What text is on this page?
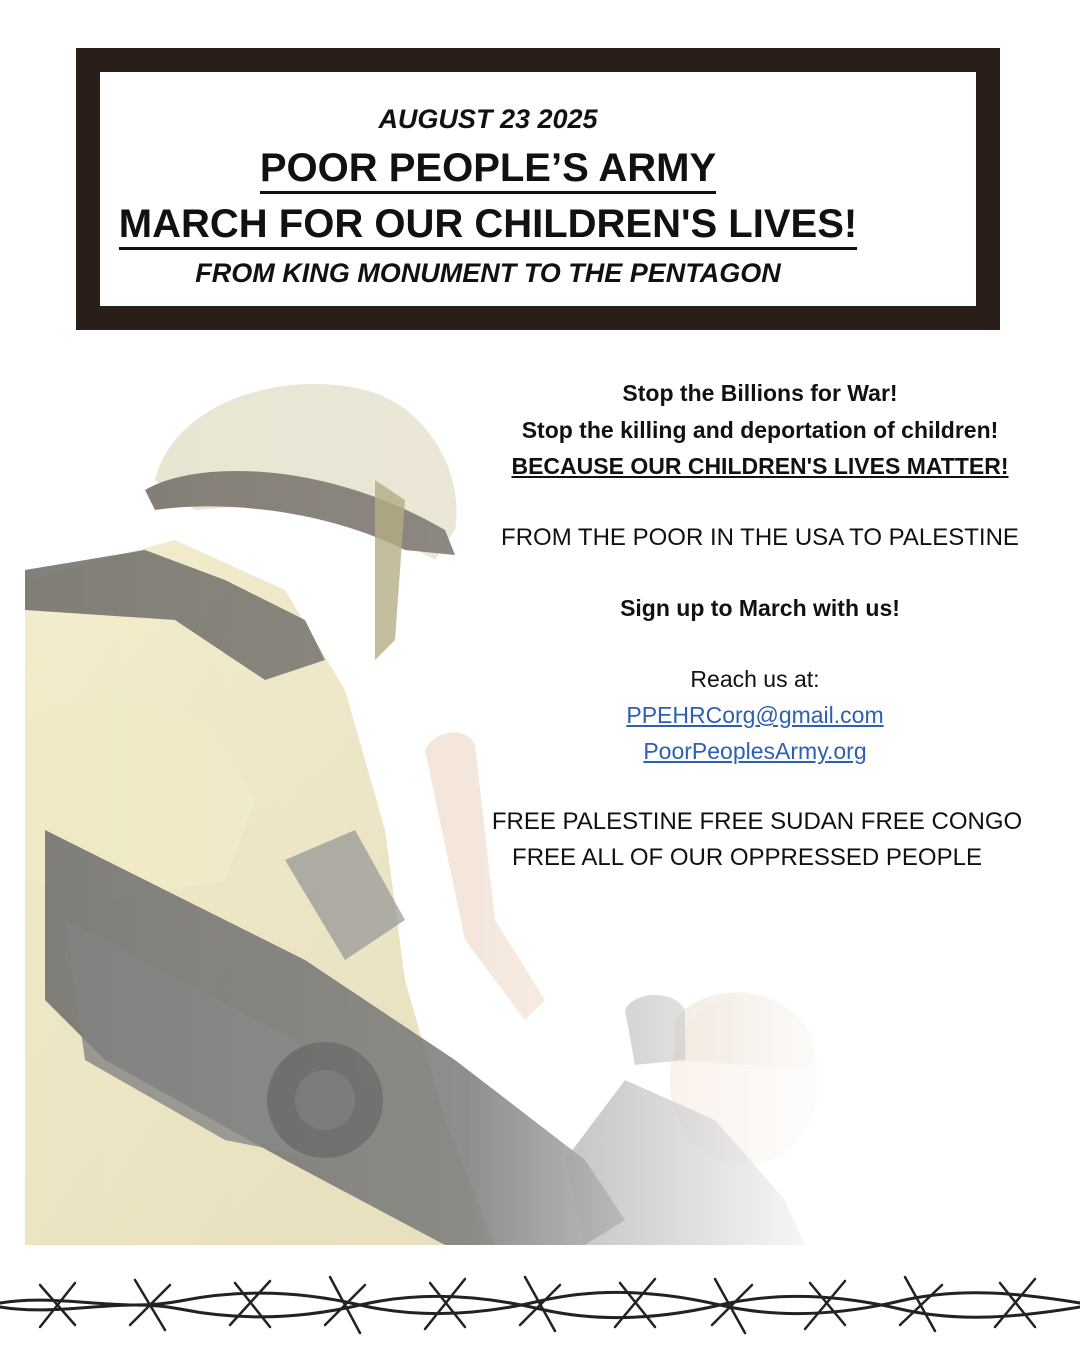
AUGUST 23 2025
POOR PEOPLE’S ARMY
MARCH FOR OUR CHILDREN'S LIVES!
FROM KING MONUMENT TO THE PENTAGON
Stop the Billions for War!
Stop the killing and deportation of children!
BECAUSE OUR CHILDREN'S LIVES MATTER!
FROM THE POOR IN THE USA TO PALESTINE
Sign up to March with us!
Reach us at:
PPEHRCorg@gmail.com
PoorPeoplesArmy.org
FREE PALESTINE FREE SUDAN FREE CONGO
FREE ALL OF OUR OPPRESSED PEOPLE
